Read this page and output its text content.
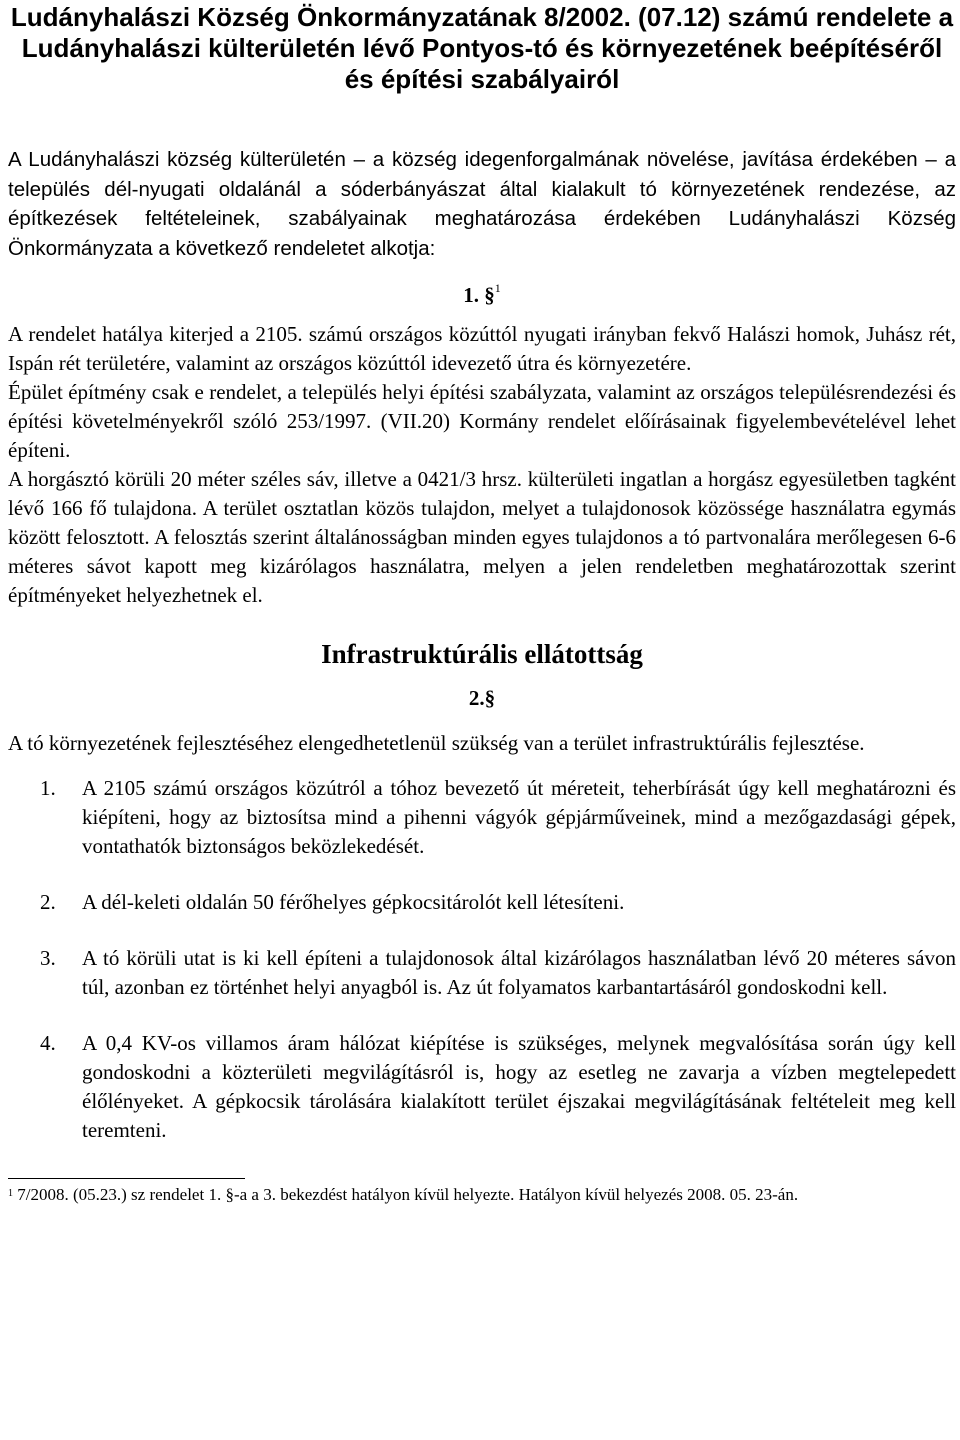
Ludányhalászi Község Önkormányzatának 8/2002. (07.12) számú rendelete a Ludányhalászi külterületén lévő Pontyos-tó és környezetének beépítéséről és építési szabályairól

A Ludányhalászi község külterületén – a község idegenforgalmának növelése, javítása érdekében – a település dél-nyugati oldalánál a sóderbányászat által kialakult tó környezetének rendezése, az építkezések feltételeinek, szabályainak meghatározása érdekében Ludányhalászi Község Önkormányzata a következő rendeletet alkotja:

1. §$^1$

A rendelet hatálya kiterjed a 2105. számú országos közúttól nyugati irányban fekvő Halászi homok, Juhász rét, Ispán rét területére, valamint az országos közúttól idevezető útra és környezetére.

Épület építmény csak e rendelet, a település helyi építési szabályzata, valamint az országos településrendezési és építési követelményekről szóló 253/1997. (VII.20) Kormány rendelet előírásainak figyelembevételével lehet építeni.

A horgásztó körüli 20 méter széles sáv, illetve a 0421/3 hrsz. külterületi ingatlan a horgász egyesületben tagként lévő 166 fő tulajdona. A terület osztatlan közös tulajdon, melyet a tulajdonosok közössége használatra egymás között felosztott. A felosztás szerint általánosságban minden egyes tulajdonos a tó partvonalára merőlegesen 6-6 méteres sávot kapott meg kizárólagos használatra, melyen a jelen rendeletben meghatározottak szerint építményeket helyezhetnek el.

Infrastruktúrális ellátottság

2.§

A tó környezetének fejlesztéséhez elengedhetetlenül szükség van a terület infrastruktúrális fejlesztése.

1. A 2105 számú országos közútról a tóhoz bevezető út méreteit, teherbírását úgy kell meghatározni és kiépíteni, hogy az biztosítsa mind a pihenni vágyók gépjárműveinek, mind a mezőgazdasági gépek, vontathatók biztonságos beközlekedését.
2. A dél-keleti oldalán 50 férőhelyes gépkocsitárolót kell létesíteni.
3. A tó körüli utat is ki kell építeni a tulajdonosok által kizárólagos használatban lévő 20 méteres sávon túl, azonban ez történhet helyi anyagból is. Az út folyamatos karbantartásáról gondoskodni kell.
4. A 0,4 KV-os villamos áram hálózat kiépítése is szükséges, melynek megvalósítása során úgy kell gondoskodni a közterületi megvilágításról is, hogy az esetleg ne zavarja a vízben megtelepedett élőlényeket. A gépkocsik tárolására kialakított terület éjszakai megvilágításának feltételeit meg kell teremteni.

$^1$ 7/2008. (05.23.) sz rendelet 1. §-a a 3. bekezdést hatályon kívül helyezte. Hatályon kívül helyezés 2008. 05. 23-án.
